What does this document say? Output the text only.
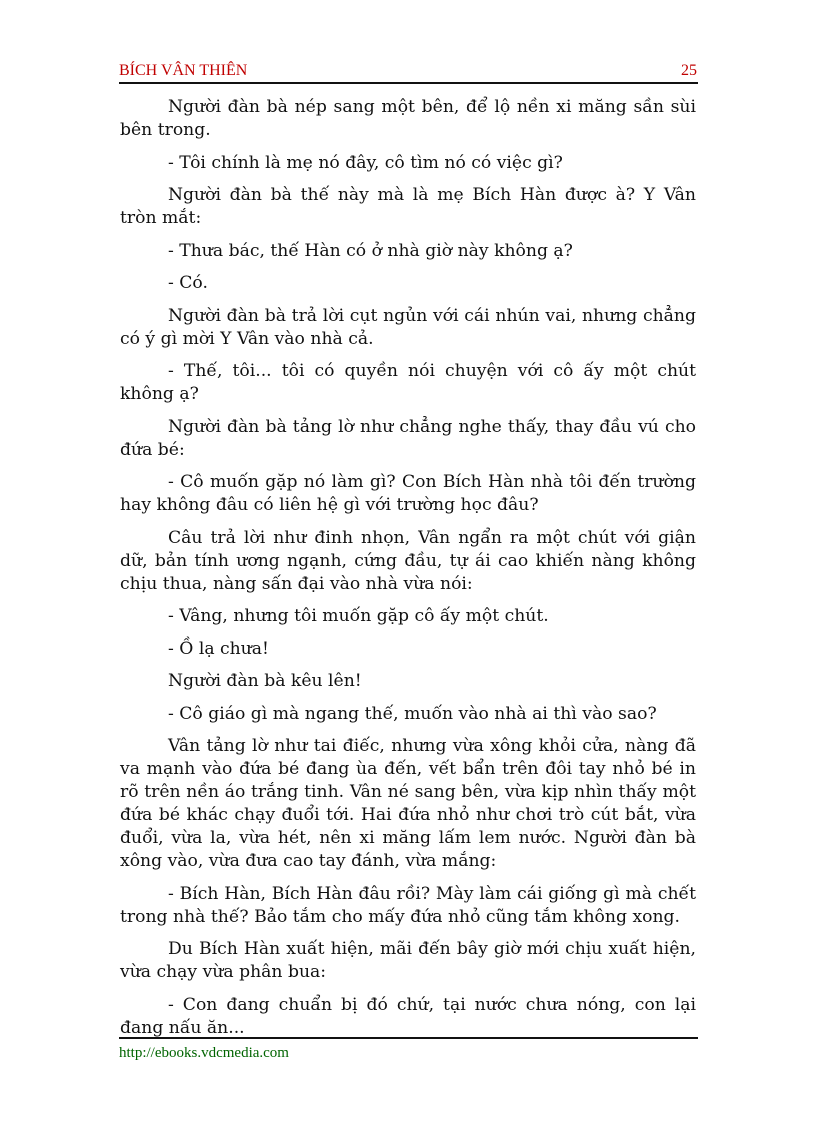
BÍCH VÂN THIÊN	25

Người đàn bà nép sang một bên, để lộ nền xi măng sần sùi bên trong.

- Tôi chính là mẹ nó đây, cô tìm nó có việc gì?

Người đàn bà thế này mà là mẹ Bích Hàn được à? Y Vân tròn mắt:

- Thưa bác, thế Hàn có ở nhà giờ này không ạ?

- Có.

Người đàn bà trả lời cụt ngủn với cái nhún vai, nhưng chẳng có ý gì mời Y Vân vào nhà cả.

- Thế, tôi... tôi có quyền nói chuyện với cô ấy một chút không ạ?

Người đàn bà tảng lờ như chẳng nghe thấy, thay đầu vú cho đứa bé:

- Cô muốn gặp nó làm gì? Con Bích Hàn nhà tôi đến trường hay không đâu có liên hệ gì với trường học đâu?

Câu trả lời như đinh nhọn, Vân ngẩn ra một chút với giận dữ, bản tính ương ngạnh, cứng đầu, tự ái cao khiến nàng không chịu thua, nàng sấn đại vào nhà vừa nói:

- Vâng, nhưng tôi muốn gặp cô ấy một chút.

- Ồ lạ chưa!

Người đàn bà kêu lên!

- Cô giáo gì mà ngang thế, muốn vào nhà ai thì vào sao?

Vân tảng lờ như tai điếc, nhưng vừa xông khỏi cửa, nàng đã va mạnh vào đứa bé đang ùa đến, vết bẩn trên đôi tay nhỏ bé in rõ trên nền áo trắng tinh. Vân né sang bên, vừa kịp nhìn thấy một đứa bé khác chạy đuổi tới. Hai đứa nhỏ như chơi trò cút bắt, vừa đuổi, vừa la, vừa hét, nên xi măng lấm lem nước. Người đàn bà xông vào, vừa đưa cao tay đánh, vừa mắng:

- Bích Hàn, Bích Hàn đâu rồi? Mày làm cái giống gì mà chết trong nhà thế? Bảo tắm cho mấy đứa nhỏ cũng tắm không xong.

Du Bích Hàn xuất hiện, mãi đến bây giờ mới chịu xuất hiện, vừa chạy vừa phân bua:

- Con đang chuẩn bị đó chứ, tại nước chưa nóng, con lại đang nấu ăn...

http://ebooks.vdcmedia.com
